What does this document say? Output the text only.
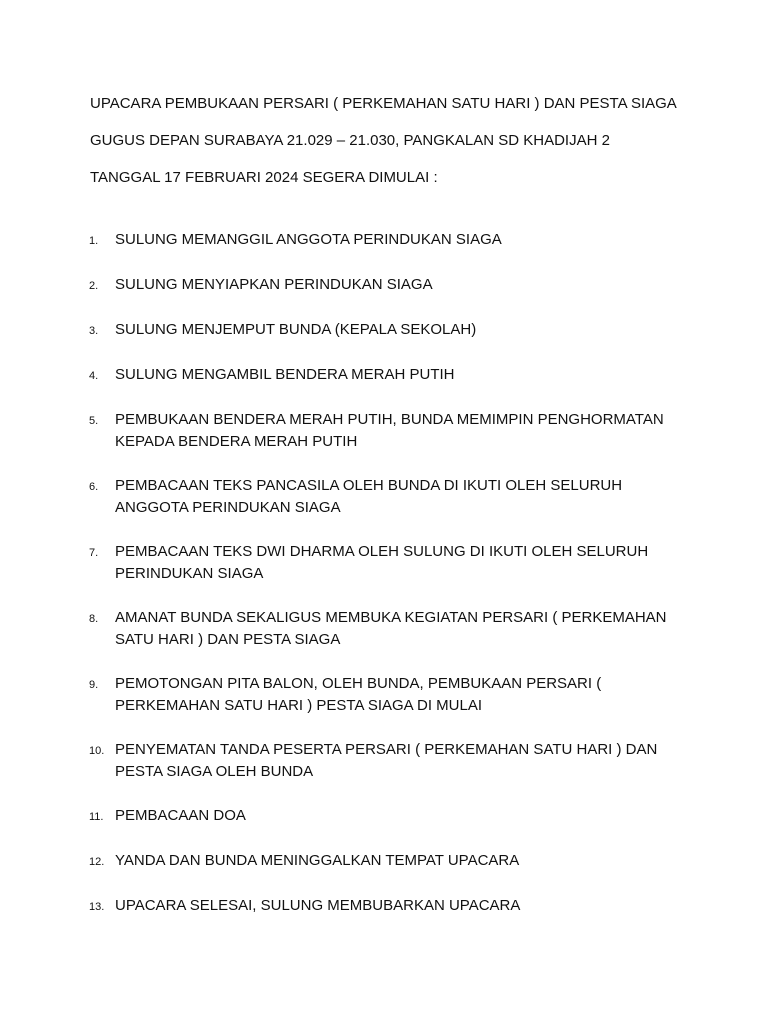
UPACARA PEMBUKAAN PERSARI ( PERKEMAHAN SATU HARI ) DAN PESTA SIAGA
GUGUS DEPAN SURABAYA 21.029 – 21.030, PANGKALAN SD KHADIJAH 2
TANGGAL 17 FEBRUARI 2024 SEGERA DIMULAI :
1.	SULUNG MEMANGGIL ANGGOTA PERINDUKAN SIAGA
2.	SULUNG MENYIAPKAN PERINDUKAN SIAGA
3.	SULUNG MENJEMPUT BUNDA (KEPALA SEKOLAH)
4.	SULUNG MENGAMBIL BENDERA MERAH PUTIH
5.	PEMBUKAAN BENDERA MERAH PUTIH, BUNDA MEMIMPIN PENGHORMATAN KEPADA BENDERA MERAH PUTIH
6.	PEMBACAAN TEKS PANCASILA OLEH BUNDA DI IKUTI OLEH SELURUH ANGGOTA PERINDUKAN SIAGA
7.	PEMBACAAN TEKS DWI DHARMA OLEH SULUNG DI IKUTI OLEH SELURUH PERINDUKAN SIAGA
8.	AMANAT BUNDA SEKALIGUS MEMBUKA KEGIATAN PERSARI ( PERKEMAHAN SATU HARI ) DAN PESTA SIAGA
9.	PEMOTONGAN PITA BALON, OLEH BUNDA, PEMBUKAAN PERSARI ( PERKEMAHAN SATU HARI ) PESTA SIAGA DI MULAI
10. PENYEMATAN TANDA PESERTA PERSARI ( PERKEMAHAN SATU HARI ) DAN PESTA SIAGA OLEH BUNDA
11. PEMBACAAN DOA
12. YANDA DAN BUNDA MENINGGALKAN TEMPAT UPACARA
13. UPACARA SELESAI, SULUNG MEMBUBARKAN UPACARA
